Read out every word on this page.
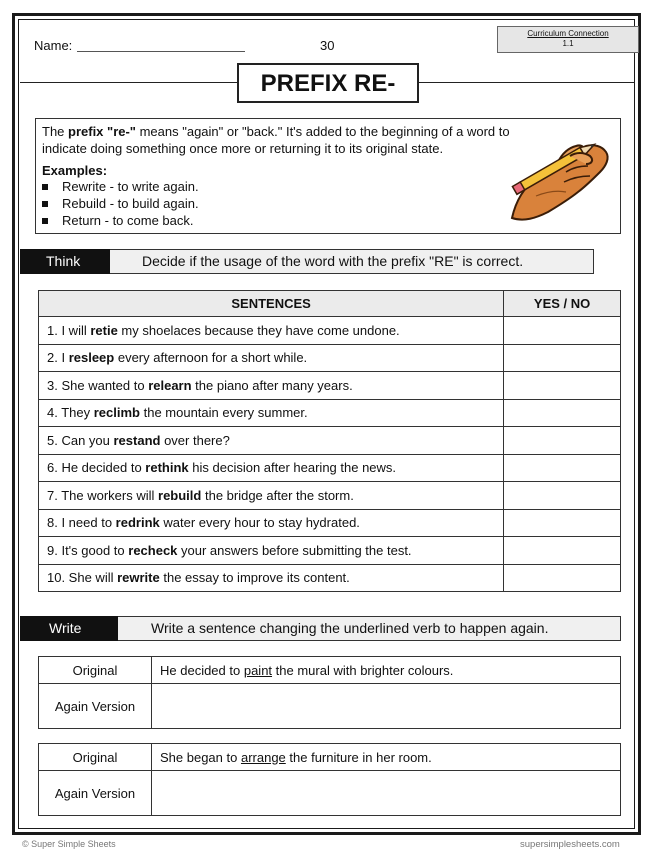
Name:	30
Curriculum Connection
1.1
PREFIX RE-
The prefix "re-" means "again" or "back." It's added to the beginning of a word to indicate doing something once more or returning it to its original state.
Examples:
Rewrite - to write again.
Rebuild - to build again.
Return - to come back.
Think	Decide if the usage of the word with the prefix "RE" is correct.
SENTENCES	YES / NO
1. I will retie my shoelaces because they have come undone.	
2. I resleep every afternoon for a short while.	
3. She wanted to relearn the piano after many years.	
4. They reclimb the mountain every summer.	
5. Can you restand over there?	
6. He decided to rethink his decision after hearing the news.	
7. The workers will rebuild the bridge after the storm.	
8. I need to redrink water every hour to stay hydrated.	
9. It's good to recheck your answers before submitting the test.	
10. She will rewrite the essay to improve its content.	
Write	Write a sentence changing the underlined verb to happen again.
Original	He decided to paint the mural with brighter colours.
Again Version	
Original	She began to arrange the furniture in her room.
Again Version	
© Super Simple Sheets	supersimplesheets.com
